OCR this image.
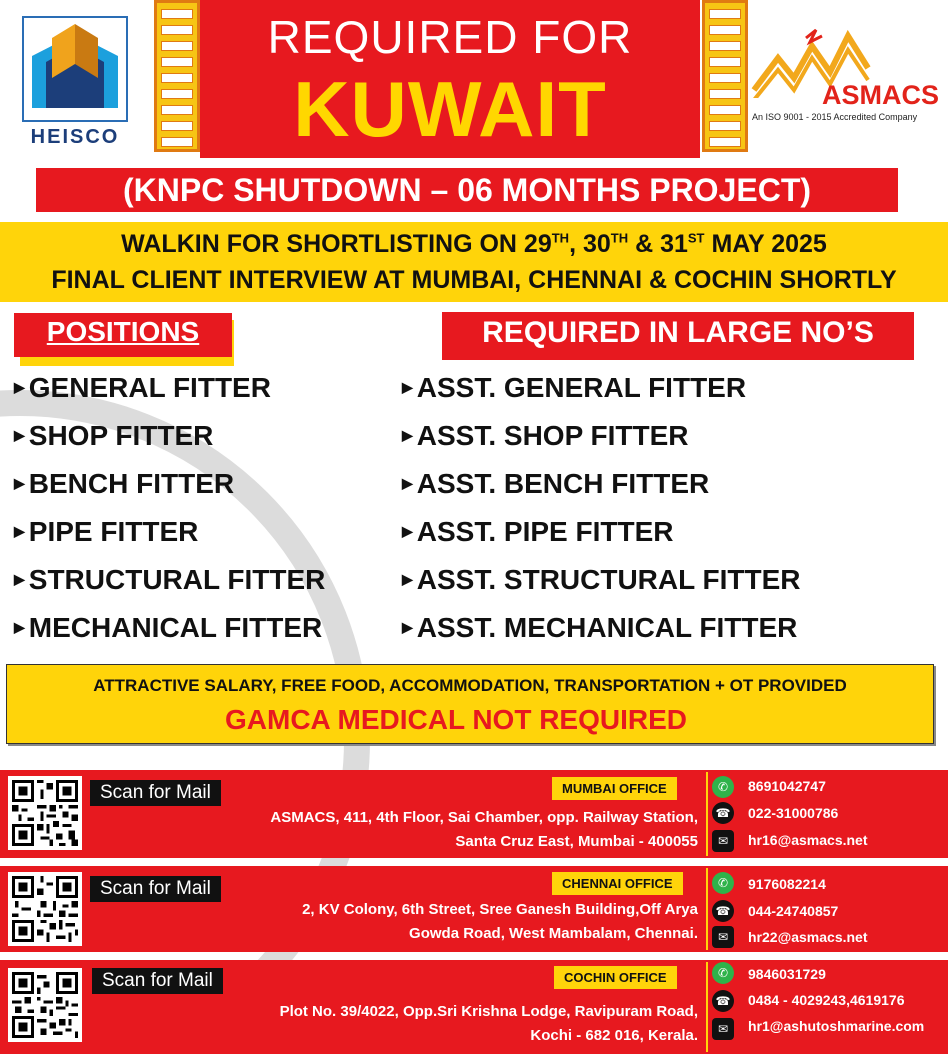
HEISCO
REQUIRED FOR
KUWAIT	ASMACS
An ISO 9001 - 2015 Accredited Company
(KNPC SHUTDOWN – 06 MONTHS PROJECT)
WALKIN FOR SHORTLISTING ON 29TH, 30TH & 31ST MAY 2025
FINAL CLIENT INTERVIEW AT MUMBAI, CHENNAI & COCHIN SHORTLY
POSITIONS	REQUIRED IN LARGE NO’S
▶ GENERAL FITTER
▶ SHOP FITTER
▶ BENCH FITTER
▶ PIPE FITTER
▶ STRUCTURAL FITTER
▶ MECHANICAL FITTER
▶ ASST. GENERAL FITTER
▶ ASST. SHOP FITTER
▶ ASST. BENCH FITTER
▶ ASST. PIPE FITTER
▶ ASST. STRUCTURAL FITTER
▶ ASST. MECHANICAL FITTER
ATTRACTIVE SALARY, FREE FOOD, ACCOMMODATION, TRANSPORTATION + OT PROVIDED
GAMCA MEDICAL NOT REQUIRED
Scan for Mail	MUMBAI OFFICE
ASMACS, 411, 4th Floor, Sai Chamber, opp. Railway Station,
Santa Cruz East, Mumbai - 400055
✆
☎
✉
8691042747
022-31000786
hr16@asmacs.net
Scan for Mail	CHENNAI OFFICE
2, KV Colony, 6th Street, Sree Ganesh Building,Off Arya
Gowda Road, West Mambalam, Chennai.
✆
☎
✉
9176082214
044-24740857
hr22@asmacs.net
Scan for Mail	COCHIN OFFICE
Plot No. 39/4022, Opp.Sri Krishna Lodge, Ravipuram Road,
Kochi - 682 016, Kerala.
✆
☎
✉
9846031729
0484 - 4029243,4619176
hr1@ashutoshmarine.com
